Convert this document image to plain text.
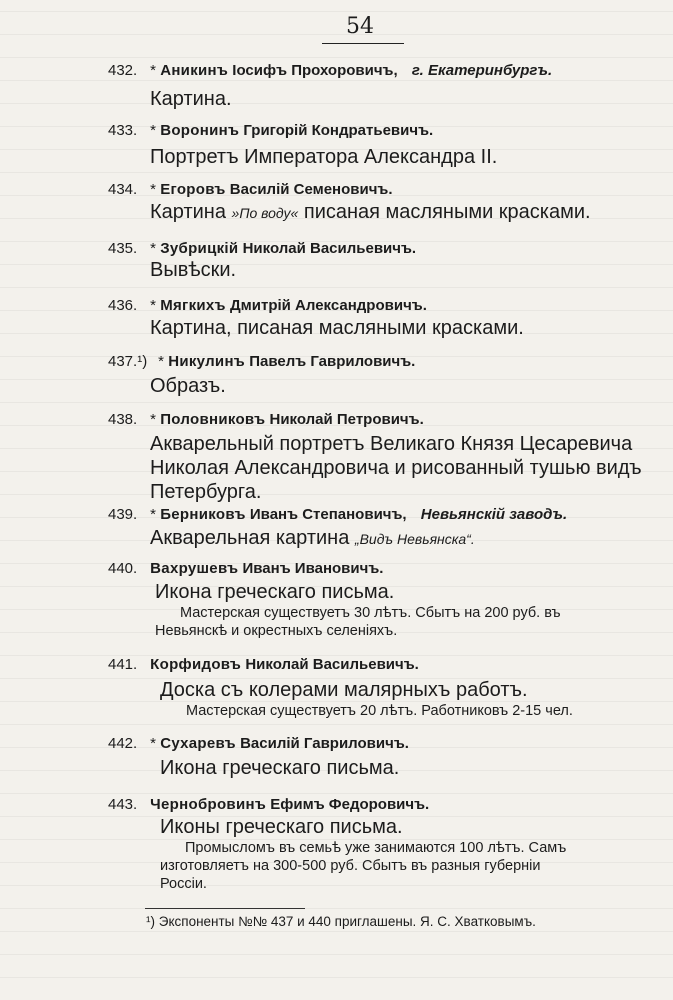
54
432. * Аникинъ Іосифъ Прохоровичъ, г. Екатеринбургъ.
Картина.
433. * Воронинъ Григорій Кондратьевичъ.
Портретъ Императора Александра II.
434. * Егоровъ Василій Семеновичъ.
Картина »По воду« писаная масляными красками.
435. * Зубрицкій Николай Васильевичъ.
Вывѣски.
436. * Мягкихъ Дмитрій Александровичъ.
Картина, писаная масляными красками.
437.¹) * Никулинъ Павелъ Гавриловичъ.
Образъ.
438. * Половниковъ Николай Петровичъ.
Акварельный портретъ Великаго Князя Цесаревича
Николая Александровича и рисованный тушью видъ
Петербурга.
439. * Берниковъ Иванъ Степановичъ, Невьянскій заводъ.
Акварельная картина „Видъ Невьянска“.
440. Вахрушевъ Иванъ Ивановичъ.
Икона греческаго письма.
Мастерская существуетъ 30 лѣтъ. Сбытъ на 200 руб. въ
Невьянскѣ и окрестныхъ селеніяхъ.
441. Корфидовъ Николай Васильевичъ.
Доска съ колерами малярныхъ работъ.
Мастерская существуетъ 20 лѣтъ. Работниковъ 2-15 чел.
442. * Сухаревъ Василій Гавриловичъ.
Икона греческаго письма.
443. Чернобровинъ Ефимъ Федоровичъ.
Иконы греческаго письма.
Промысломъ въ семьѣ уже занимаются 100 лѣтъ. Самъ
изготовляетъ на 300-500 руб. Сбытъ въ разныя губерніи
Россіи.
¹) Экспоненты №№ 437 и 440 приглашены. Я. С. Хватковымъ.
